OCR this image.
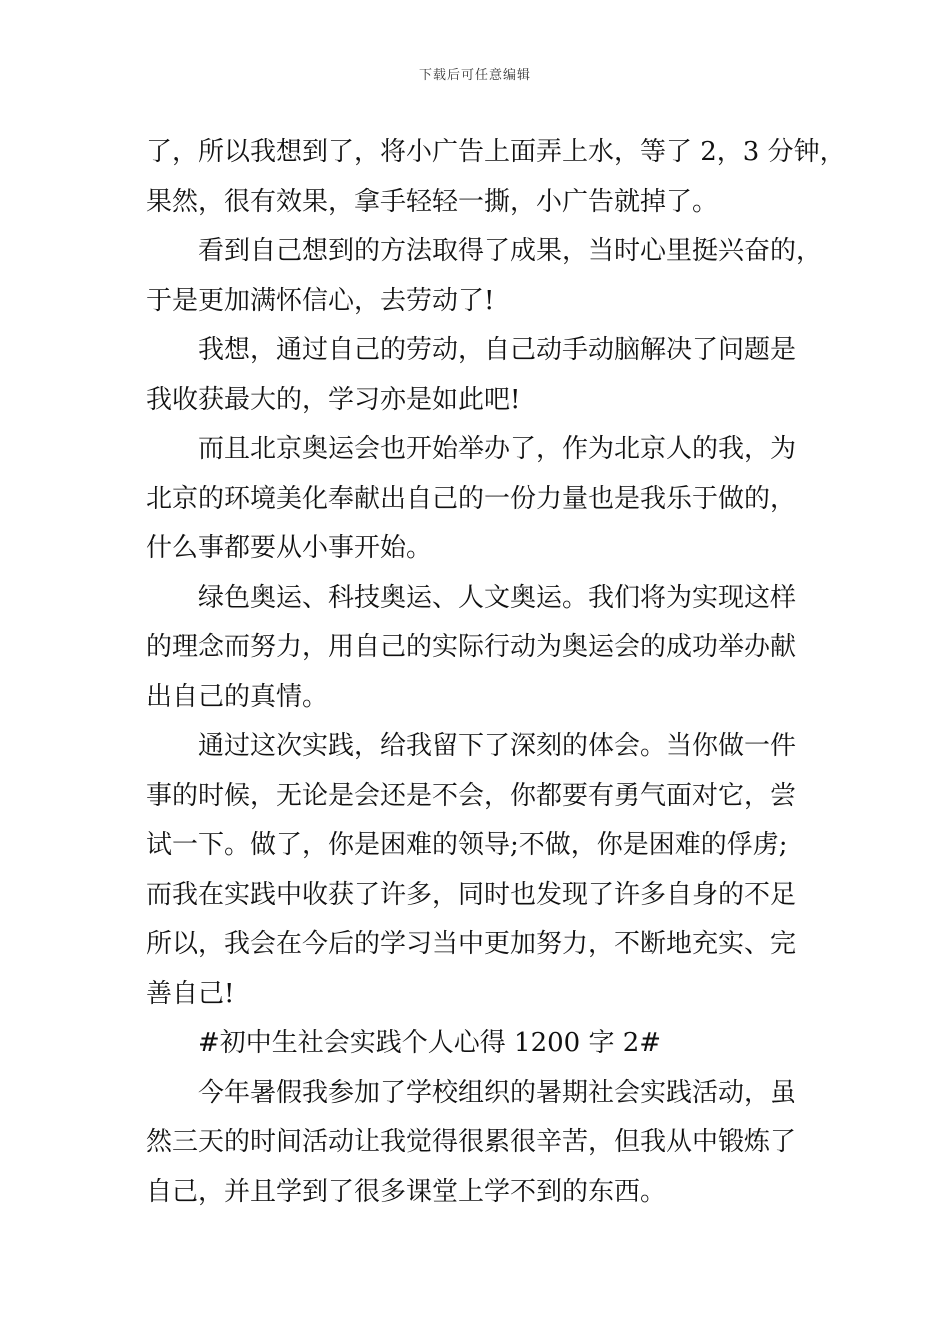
下载后可任意编辑
了，所以我想到了，将小广告上面弄上水，等了 2，3 分钟，
果然，很有效果，拿手轻轻一撕，小广告就掉了。
看到自己想到的方法取得了成果，当时心里挺兴奋的，
于是更加满怀信心，去劳动了!
我想，通过自己的劳动，自己动手动脑解决了问题是
我收获最大的，学习亦是如此吧!
而且北京奥运会也开始举办了，作为北京人的我，为
北京的环境美化奉献出自己的一份力量也是我乐于做的，
什么事都要从小事开始。
绿色奥运、科技奥运、人文奥运。我们将为实现这样
的理念而努力，用自己的实际行动为奥运会的成功举办献
出自己的真情。
通过这次实践，给我留下了深刻的体会。当你做一件
事的时候，无论是会还是不会，你都要有勇气面对它，尝
试一下。做了，你是困难的领导;不做，你是困难的俘虏;
而我在实践中收获了许多，同时也发现了许多自身的不足
所以，我会在今后的学习当中更加努力，不断地充实、完
善自己!
#初中生社会实践个人心得 1200 字 2#
今年暑假我参加了学校组织的暑期社会实践活动，虽
然三天的时间活动让我觉得很累很辛苦，但我从中锻炼了
自己，并且学到了很多课堂上学不到的东西。
